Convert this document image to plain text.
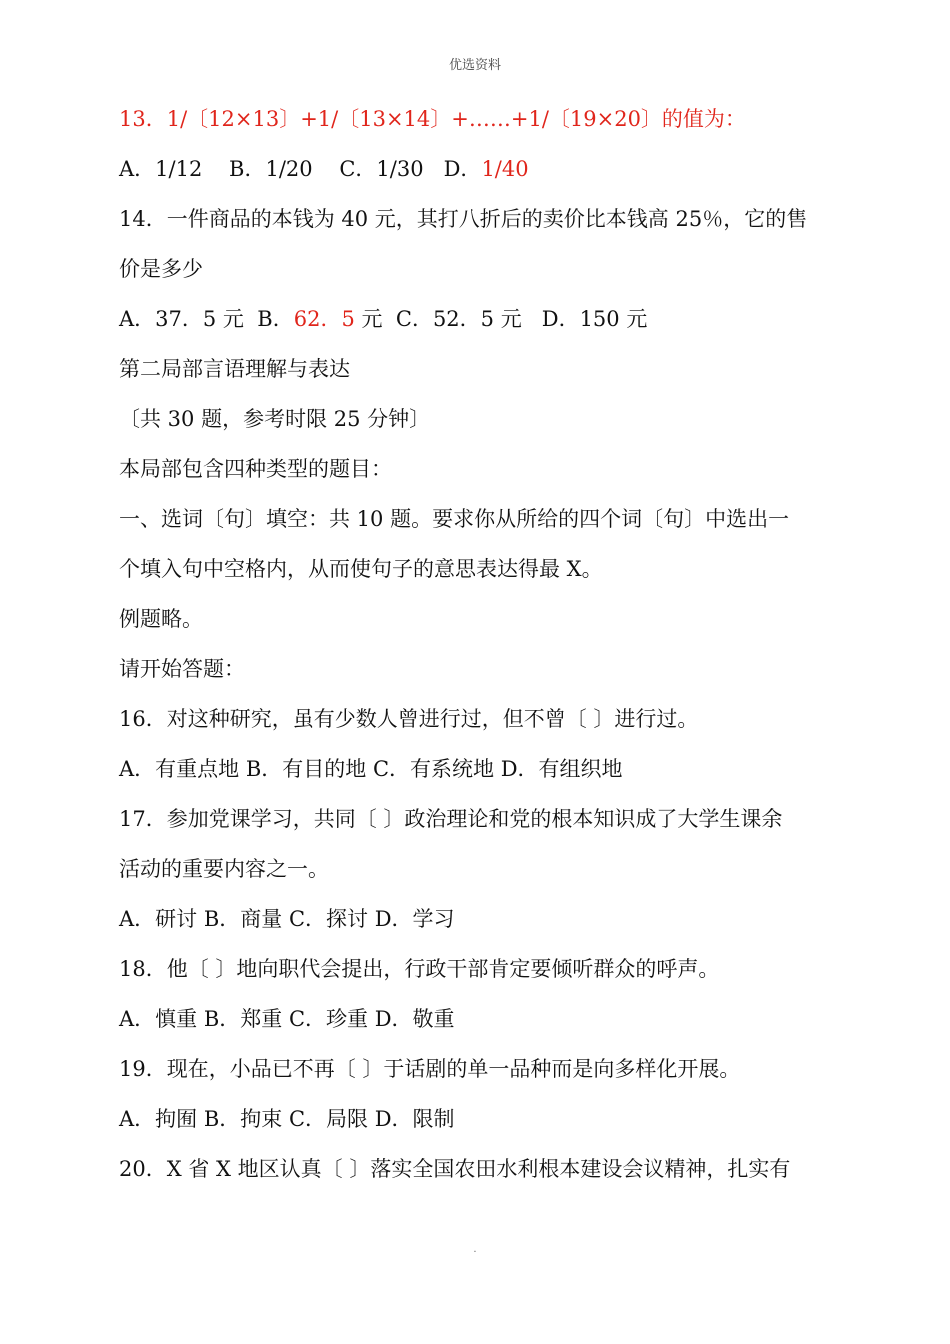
优选资料
13．1/〔12×13〕+1/〔13×14〕+……+1/〔19×20〕的值为：
A．1/12 B．1/20 C．1/30 D．1/40
14．一件商品的本钱为 40 元，其打八折后的卖价比本钱高 25％，它的售
价是多少
A．37．5 元 B．62．5 元 C．52．5 元 D．150 元
第二局部言语理解与表达
〔共 30 题，参考时限 25 分钟〕
本局部包含四种类型的题目：
一、选词〔句〕填空：共 10 题。要求你从所给的四个词〔句〕中选出一
个填入句中空格内，从而使句子的意思表达得最 X。
例题略。
请开始答题：
16．对这种研究，虽有少数人曾进行过，但不曾〔 〕进行过。
A．有重点地 B．有目的地 C．有系统地 D．有组织地
17．参加党课学习，共同〔 〕政治理论和党的根本知识成了大学生课余
活动的重要内容之一。
A．研讨 B．商量 C．探讨 D．学习
18．他〔 〕地向职代会提出，行政干部肯定要倾听群众的呼声。
A．慎重 B．郑重 C．珍重 D．敬重
19．现在，小品已不再〔 〕于话剧的单一品种而是向多样化开展。
A．拘囿 B．拘束 C．局限 D．限制
20．X 省 X 地区认真〔 〕落实全国农田水利根本建设会议精神，扎实有
.
